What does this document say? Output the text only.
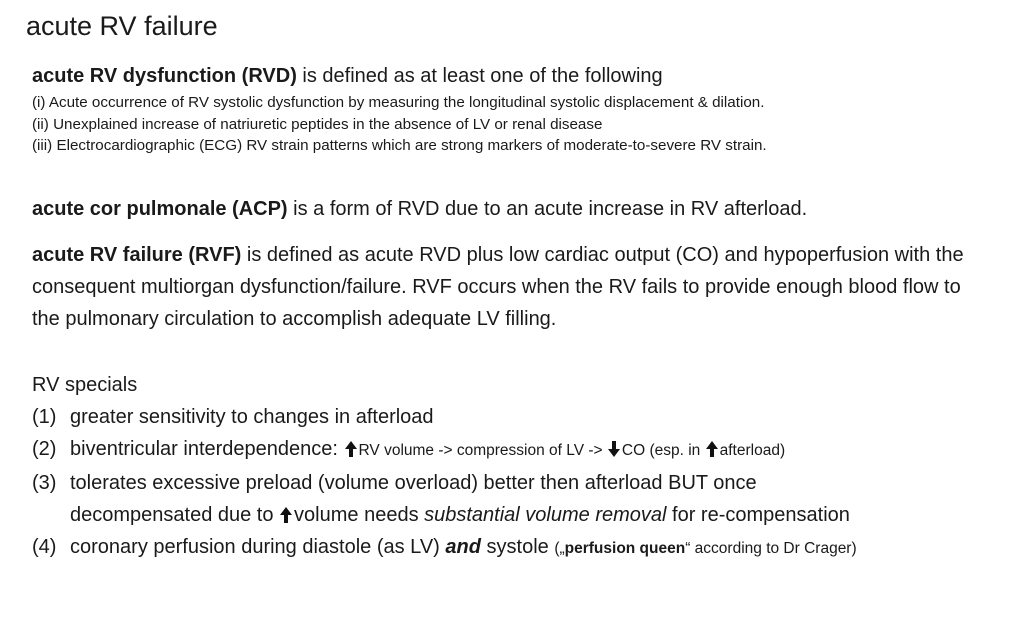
acute RV failure
acute RV dysfunction (RVD) is defined as at least one of the following
(i) Acute occurrence of RV systolic dysfunction by measuring the longitudinal systolic displacement & dilation.
(ii) Unexplained increase of natriuretic peptides in the absence of LV or renal disease
(iii) Electrocardiographic (ECG) RV strain patterns which are strong markers of moderate-to-severe RV strain.
acute cor pulmonale (ACP) is a form of RVD due to an acute increase in RV afterload.
acute RV failure (RVF) is defined as acute RVD plus low cardiac output (CO) and hypoperfusion with the consequent multiorgan dysfunction/failure. RVF occurs when the RV fails to provide enough blood flow to the pulmonary circulation to accomplish adequate LV filling.
RV specials
(1) greater sensitivity to changes in afterload
(2) biventricular interdependence: RV volume -> compression of LV -> CO (esp. in afterload)
(3) tolerates excessive preload (volume overload) better then afterload BUT once
decompensated due to volume needs substantial volume removal for re-compensation
(4) coronary perfusion during diastole (as LV) and systole („perfusion queen“ according to Dr Crager)
